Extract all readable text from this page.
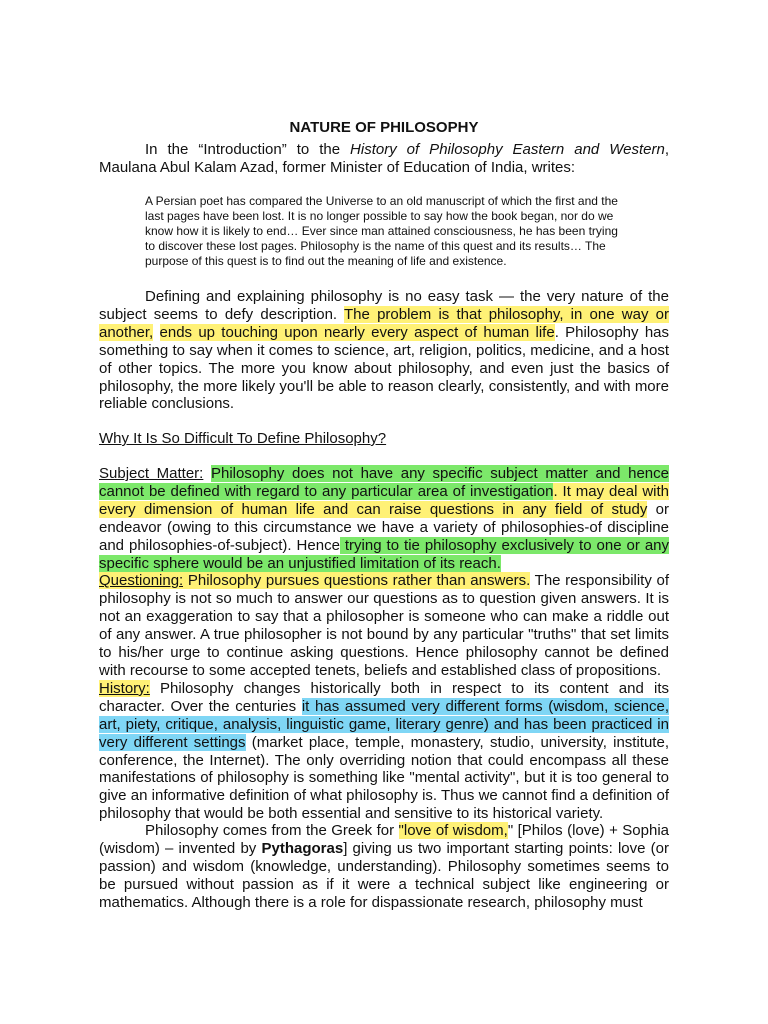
NATURE OF PHILOSOPHY

In the “Introduction” to the History of Philosophy Eastern and Western, Maulana Abul Kalam Azad, former Minister of Education of India, writes:

A Persian poet has compared the Universe to an old manuscript of which the first and the last pages have been lost. It is no longer possible to say how the book began, nor do we know how it is likely to end… Ever since man attained consciousness, he has been trying to discover these lost pages. Philosophy is the name of this quest and its results… The purpose of this quest is to find out the meaning of life and existence.

Defining and explaining philosophy is no easy task — the very nature of the subject seems to defy description. The problem is that philosophy, in one way or another, ends up touching upon nearly every aspect of human life. Philosophy has something to say when it comes to science, art, religion, politics, medicine, and a host of other topics. The more you know about philosophy, and even just the basics of philosophy, the more likely you'll be able to reason clearly, consistently, and with more reliable conclusions.

Why It Is So Difficult To Define Philosophy?

Subject Matter: Philosophy does not have any specific subject matter and hence cannot be defined with regard to any particular area of investigation. It may deal with every dimension of human life and can raise questions in any field of study or endeavor (owing to this circumstance we have a variety of philosophies-of discipline and philosophies-of-subject). Hence trying to tie philosophy exclusively to one or any specific sphere would be an unjustified limitation of its reach.
Questioning: Philosophy pursues questions rather than answers. The responsibility of philosophy is not so much to answer our questions as to question given answers. It is not an exaggeration to say that a philosopher is someone who can make a riddle out of any answer. A true philosopher is not bound by any particular "truths" that set limits to his/her urge to continue asking questions. Hence philosophy cannot be defined with recourse to some accepted tenets, beliefs and established class of propositions.
History: Philosophy changes historically both in respect to its content and its character. Over the centuries it has assumed very different forms (wisdom, science, art, piety, critique, analysis, linguistic game, literary genre) and has been practiced in very different settings (market place, temple, monastery, studio, university, institute, conference, the Internet). The only overriding notion that could encompass all these manifestations of philosophy is something like "mental activity", but it is too general to give an informative definition of what philosophy is. Thus we cannot find a definition of philosophy that would be both essential and sensitive to its historical variety.

Philosophy comes from the Greek for "love of wisdom," [Philos (love) + Sophia (wisdom) – invented by Pythagoras] giving us two important starting points: love (or passion) and wisdom (knowledge, understanding). Philosophy sometimes seems to be pursued without passion as if it were a technical subject like engineering or mathematics. Although there is a role for dispassionate research, philosophy must
